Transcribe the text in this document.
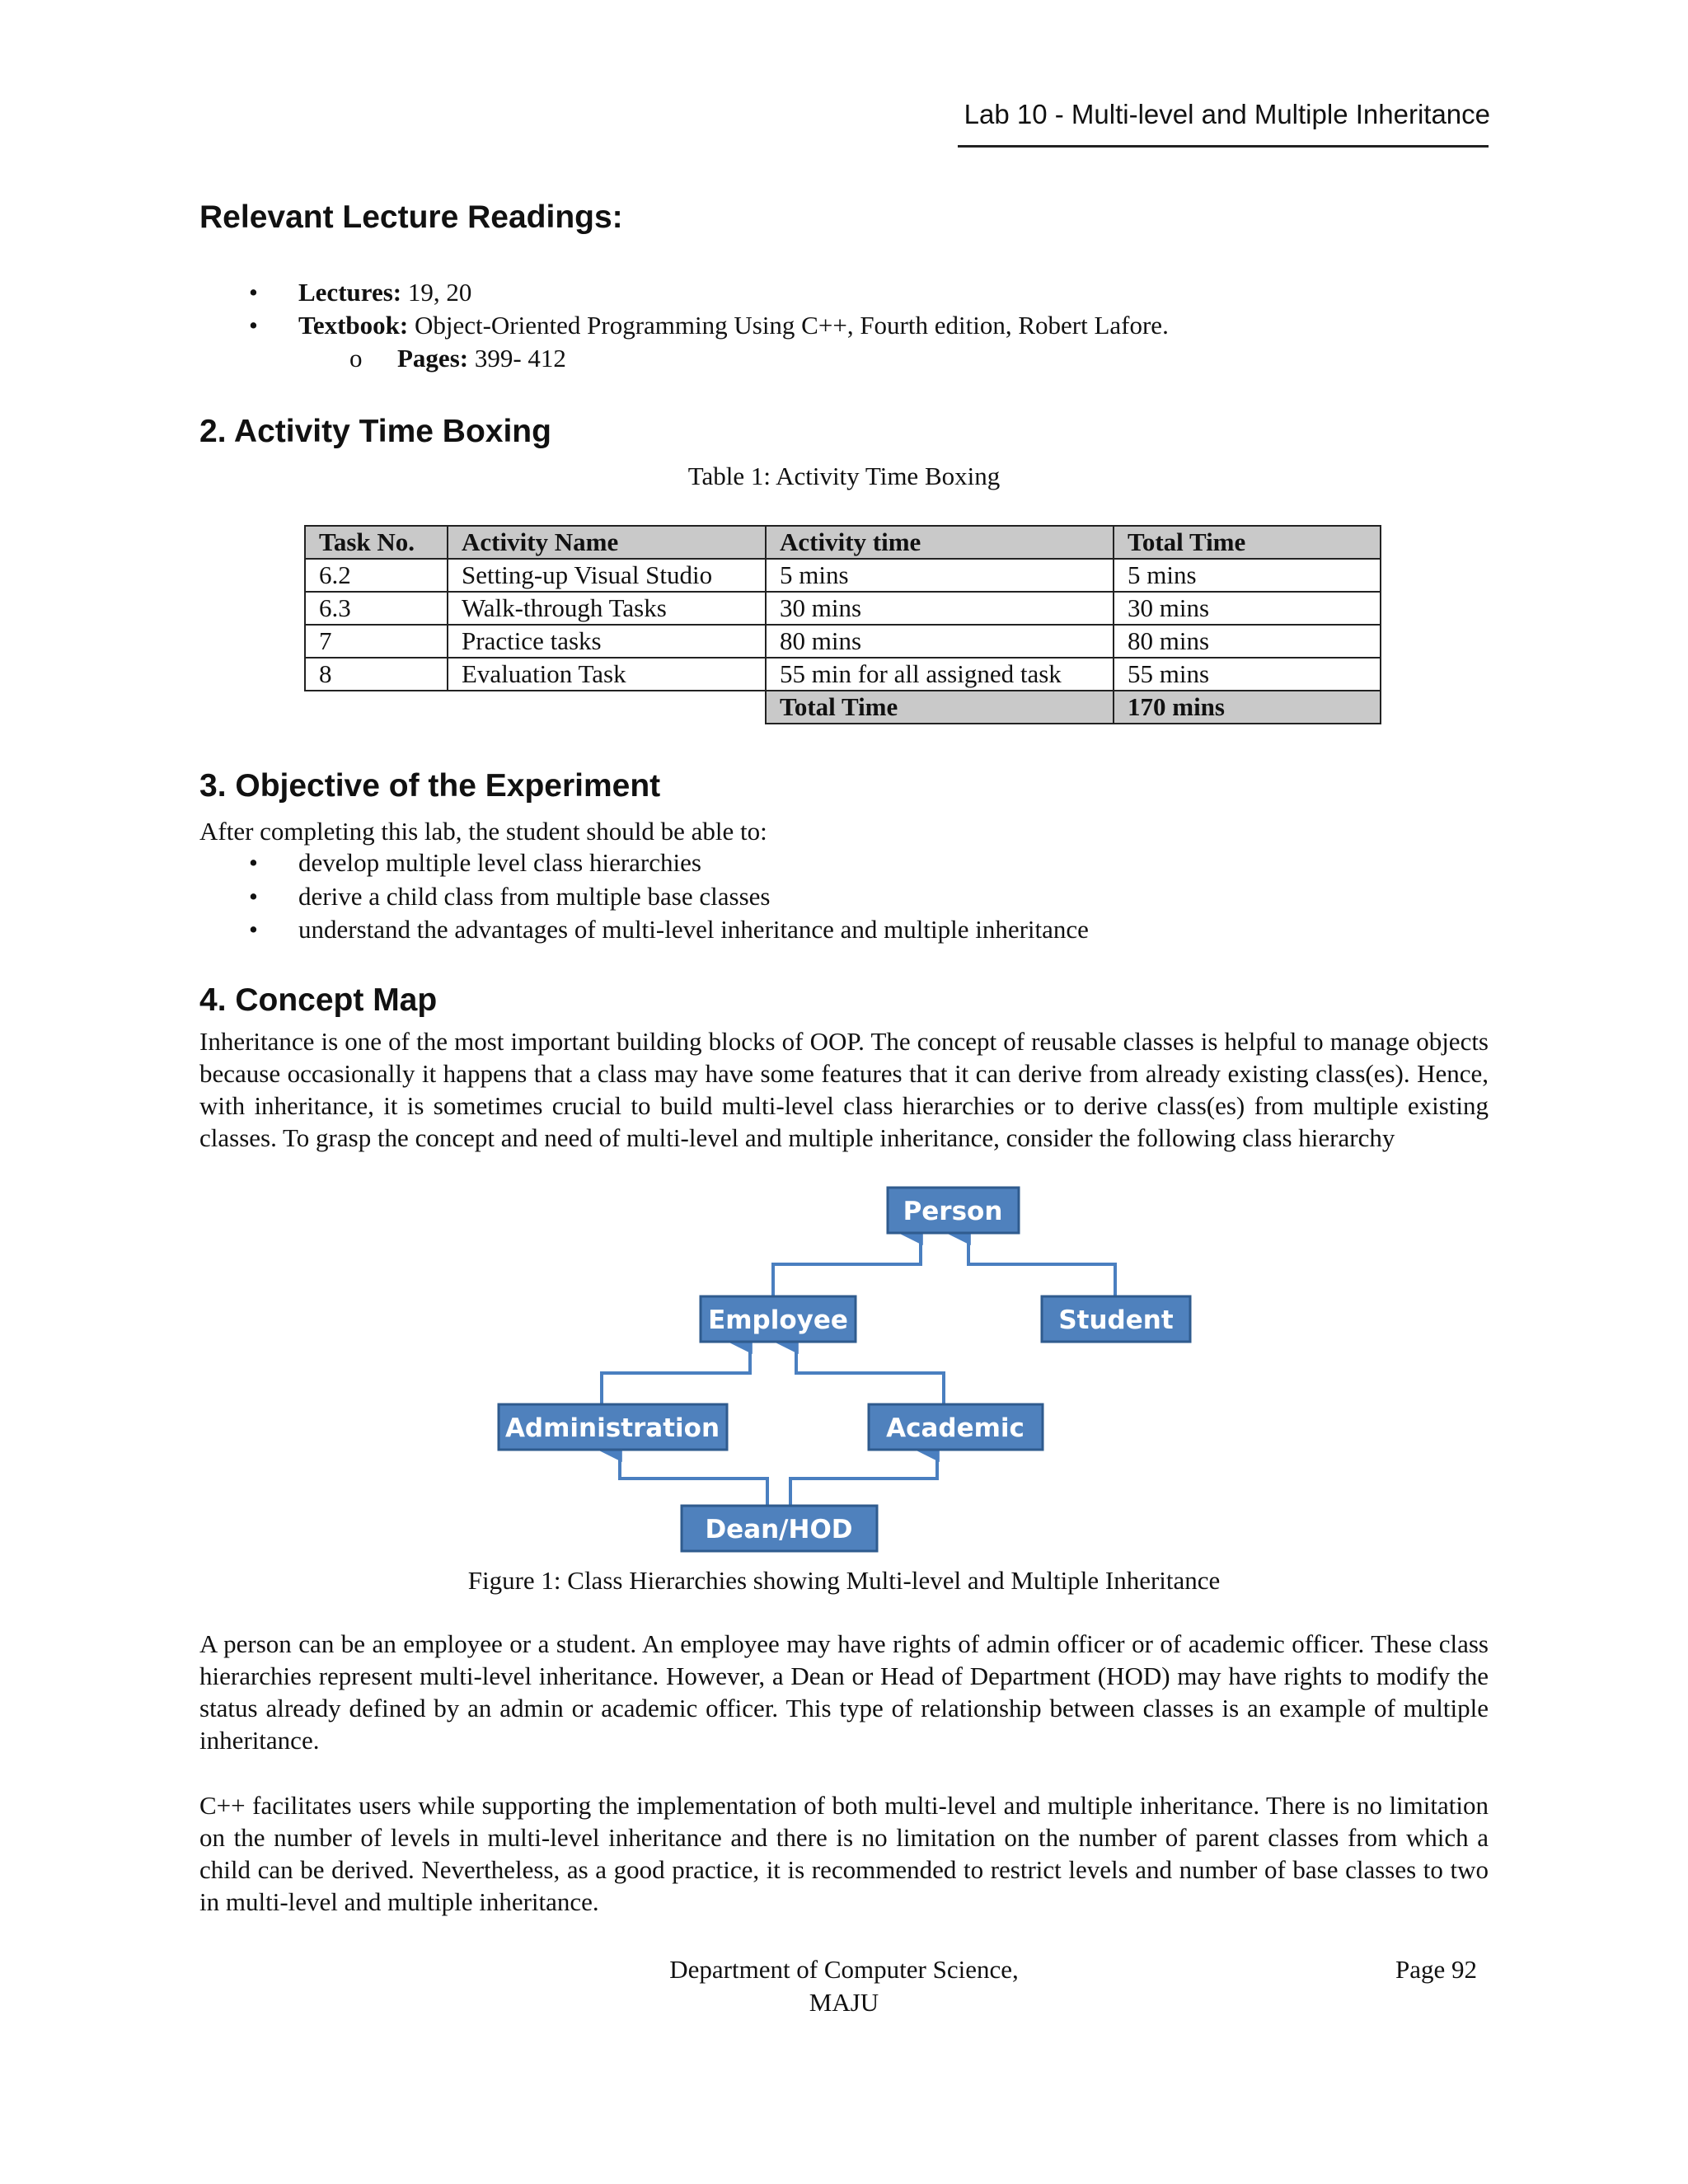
Lab 10 - Multi-level and Multiple Inheritance
Relevant Lecture Readings:
• Lectures: 19, 20
• Textbook: Object-Oriented Programming Using C++, Fourth edition, Robert Lafore.
o Pages: 399- 412
2. Activity Time Boxing
Table 1: Activity Time Boxing
Task No.	Activity Name	Activity time	Total Time
6.2	Setting-up Visual Studio	5 mins	5 mins
6.3	Walk-through Tasks	30 mins	30 mins
7	Practice tasks	80 mins	80 mins
8	Evaluation Task	55 min for all assigned task	55 mins
		Total Time	170 mins
3. Objective of the Experiment
After completing this lab, the student should be able to:
• develop multiple level class hierarchies
• derive a child class from multiple base classes
• understand the advantages of multi-level inheritance and multiple inheritance
4. Concept Map
Inheritance is one of the most important building blocks of OOP. The concept of reusable classes is helpful to manage objects because occasionally it happens that a class may have some features that it can derive from already existing class(es). Hence, with inheritance, it is sometimes crucial to build multi-level class hierarchies or to derive class(es) from multiple existing classes. To grasp the concept and need of multi-level and multiple inheritance, consider the following class hierarchy
Person
Employee	Student
Administration	Academic
Dean/HOD
Figure 1: Class Hierarchies showing Multi-level and Multiple Inheritance
A person can be an employee or a student. An employee may have rights of admin officer or of academic officer. These class hierarchies represent multi-level inheritance. However, a Dean or Head of Department (HOD) may have rights to modify the status already defined by an admin or academic officer. This type of relationship between classes is an example of multiple inheritance.
C++ facilitates users while supporting the implementation of both multi-level and multiple inheritance. There is no limitation on the number of levels in multi-level inheritance and there is no limitation on the number of parent classes from which a child can be derived. Nevertheless, as a good practice, it is recommended to restrict levels and number of base classes to two in multi-level and multiple inheritance.
Department of Computer Science,
MAJU
Page 92
